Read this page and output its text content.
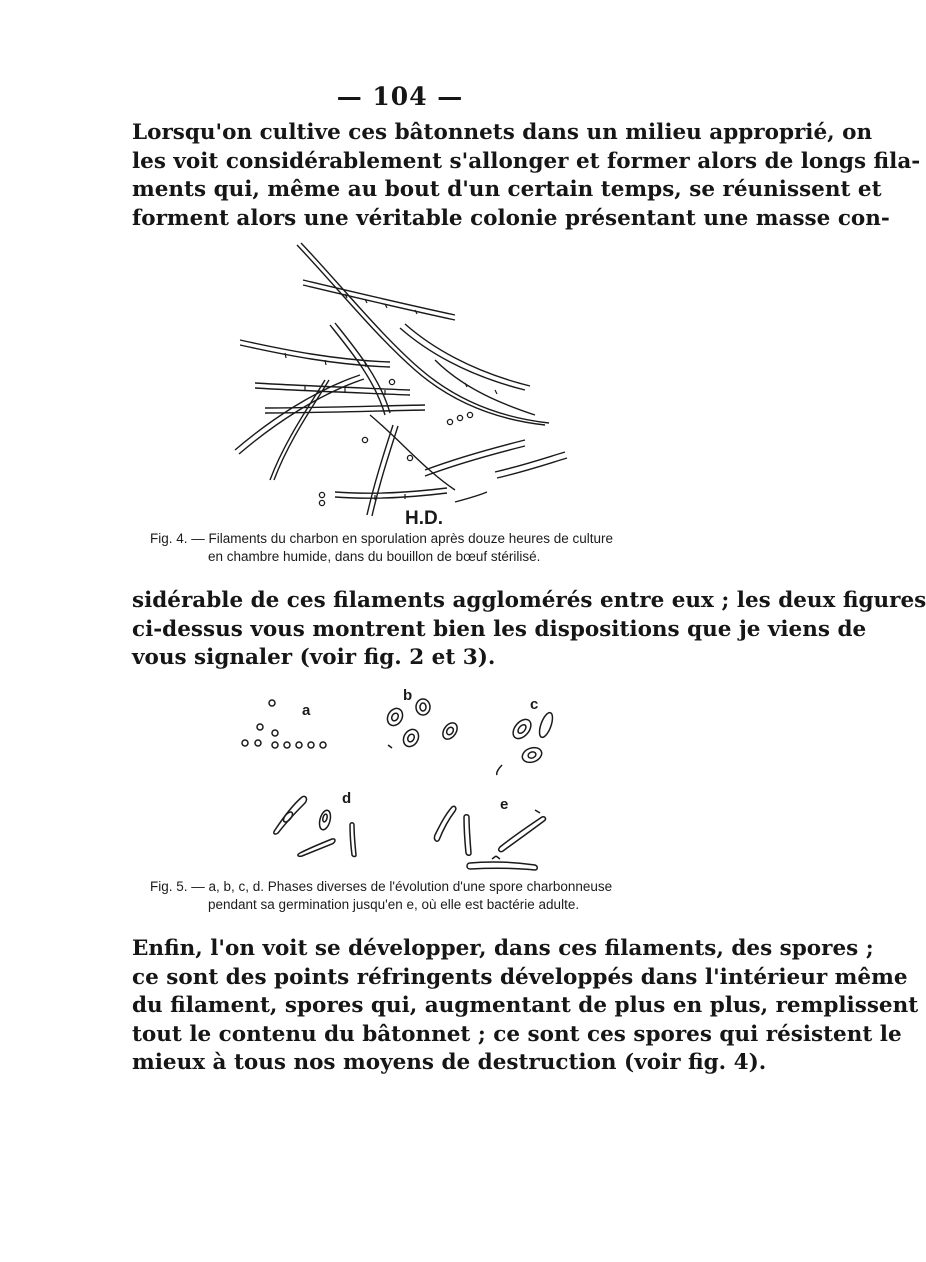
— 104 —

Lorsqu'on cultive ces bâtonnets dans un milieu approprié, on
les voit considérablement s'allonger et former alors de longs fila-
ments qui, même au bout d'un certain temps, se réunissent et
forment alors une véritable colonie présentant une masse con-

H.D.
Fig. 4. — Filaments du charbon en sporulation après douze heures de culture
en chambre humide, dans du bouillon de bœuf stérilisé.

sidérable de ces filaments agglomérés entre eux ; les deux figures
ci-dessus vous montrent bien les dispositions que je viens de
vous signaler (voir fig. 2 et 3).

a
b
c
d	e
Fig. 5. — a, b, c, d. Phases diverses de l'évolution d'une spore charbonneuse
pendant sa germination jusqu'en e, où elle est bactérie adulte.

Enfin, l'on voit se développer, dans ces filaments, des spores ;
ce sont des points réfringents développés dans l'intérieur même
du filament, spores qui, augmentant de plus en plus, remplissent
tout le contenu du bâtonnet ; ce sont ces spores qui résistent le
mieux à tous nos moyens de destruction (voir fig. 4).
